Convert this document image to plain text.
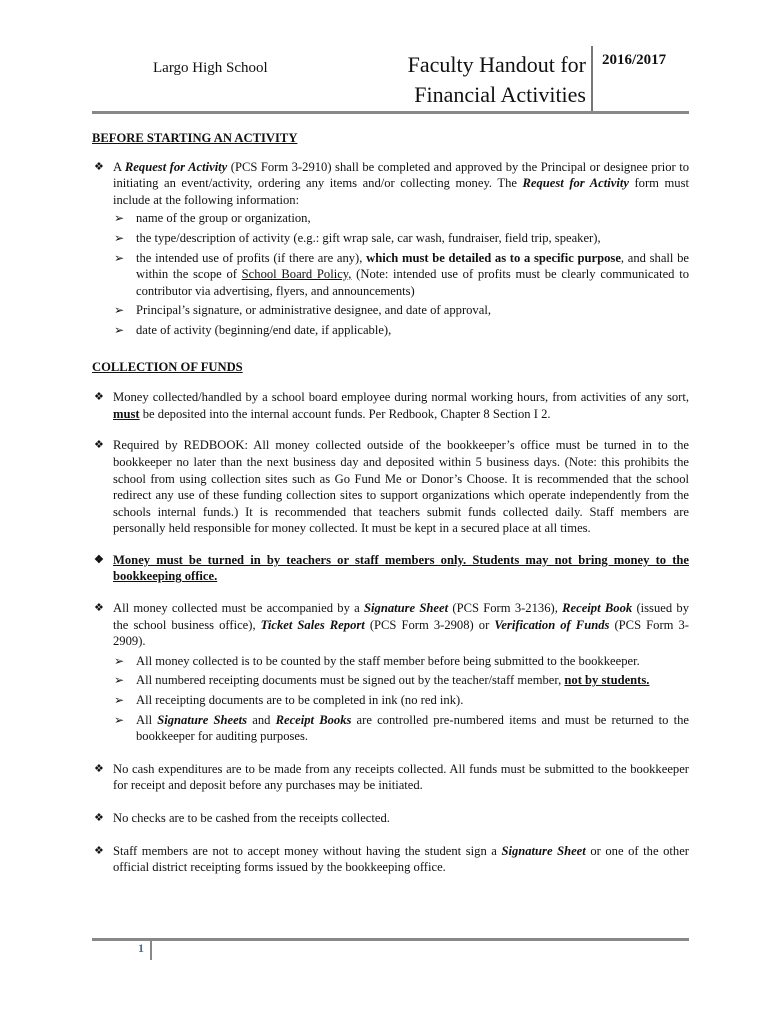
Largo High School	Faculty Handout for
Financial Activities
2016/2017
BEFORE STARTING AN ACTIVITY
❖ A Request for Activity (PCS Form 3-2910) shall be completed and approved by the Principal or designee prior to initiating an event/activity, ordering any items and/or collecting money. The Request for Activity form must include at the following information:
➢ name of the group or organization,
➢ the type/description of activity (e.g.: gift wrap sale, car wash, fundraiser, field trip, speaker),
➢ the intended use of profits (if there are any), which must be detailed as to a specific purpose, and shall be within the scope of School Board Policy, (Note: intended use of profits must be clearly communicated to contributor via advertising, flyers, and announcements)
➢ Principal’s signature, or administrative designee, and date of approval,
➢ date of activity (beginning/end date, if applicable),
COLLECTION OF FUNDS
❖ Money collected/handled by a school board employee during normal working hours, from activities of any sort, must be deposited into the internal account funds. Per Redbook, Chapter 8 Section I 2.
❖ Required by REDBOOK: All money collected outside of the bookkeeper’s office must be turned in to the bookkeeper no later than the next business day and deposited within 5 business days. (Note: this prohibits the school from using collection sites such as Go Fund Me or Donor’s Choose. It is recommended that the school redirect any use of these funding collection sites to support organizations which operate independently from the schools internal funds.) It is recommended that teachers submit funds collected daily. Staff members are personally held responsible for money collected. It must be kept in a secured place at all times.
❖ Money must be turned in by teachers or staff members only. Students may not bring money to the bookkeeping office.
❖ All money collected must be accompanied by a Signature Sheet (PCS Form 3-2136), Receipt Book (issued by the school business office), Ticket Sales Report (PCS Form 3-2908) or Verification of Funds (PCS Form 3-2909).
➢ All money collected is to be counted by the staff member before being submitted to the bookkeeper.
➢ All numbered receipting documents must be signed out by the teacher/staff member, not by students.
➢ All receipting documents are to be completed in ink (no red ink).
➢ All Signature Sheets and Receipt Books are controlled pre-numbered items and must be returned to the bookkeeper for auditing purposes.
❖ No cash expenditures are to be made from any receipts collected. All funds must be submitted to the bookkeeper for receipt and deposit before any purchases may be initiated.
❖ No checks are to be cashed from the receipts collected.
❖ Staff members are not to accept money without having the student sign a Signature Sheet or one of the other official district receipting forms issued by the bookkeeping office.
1
